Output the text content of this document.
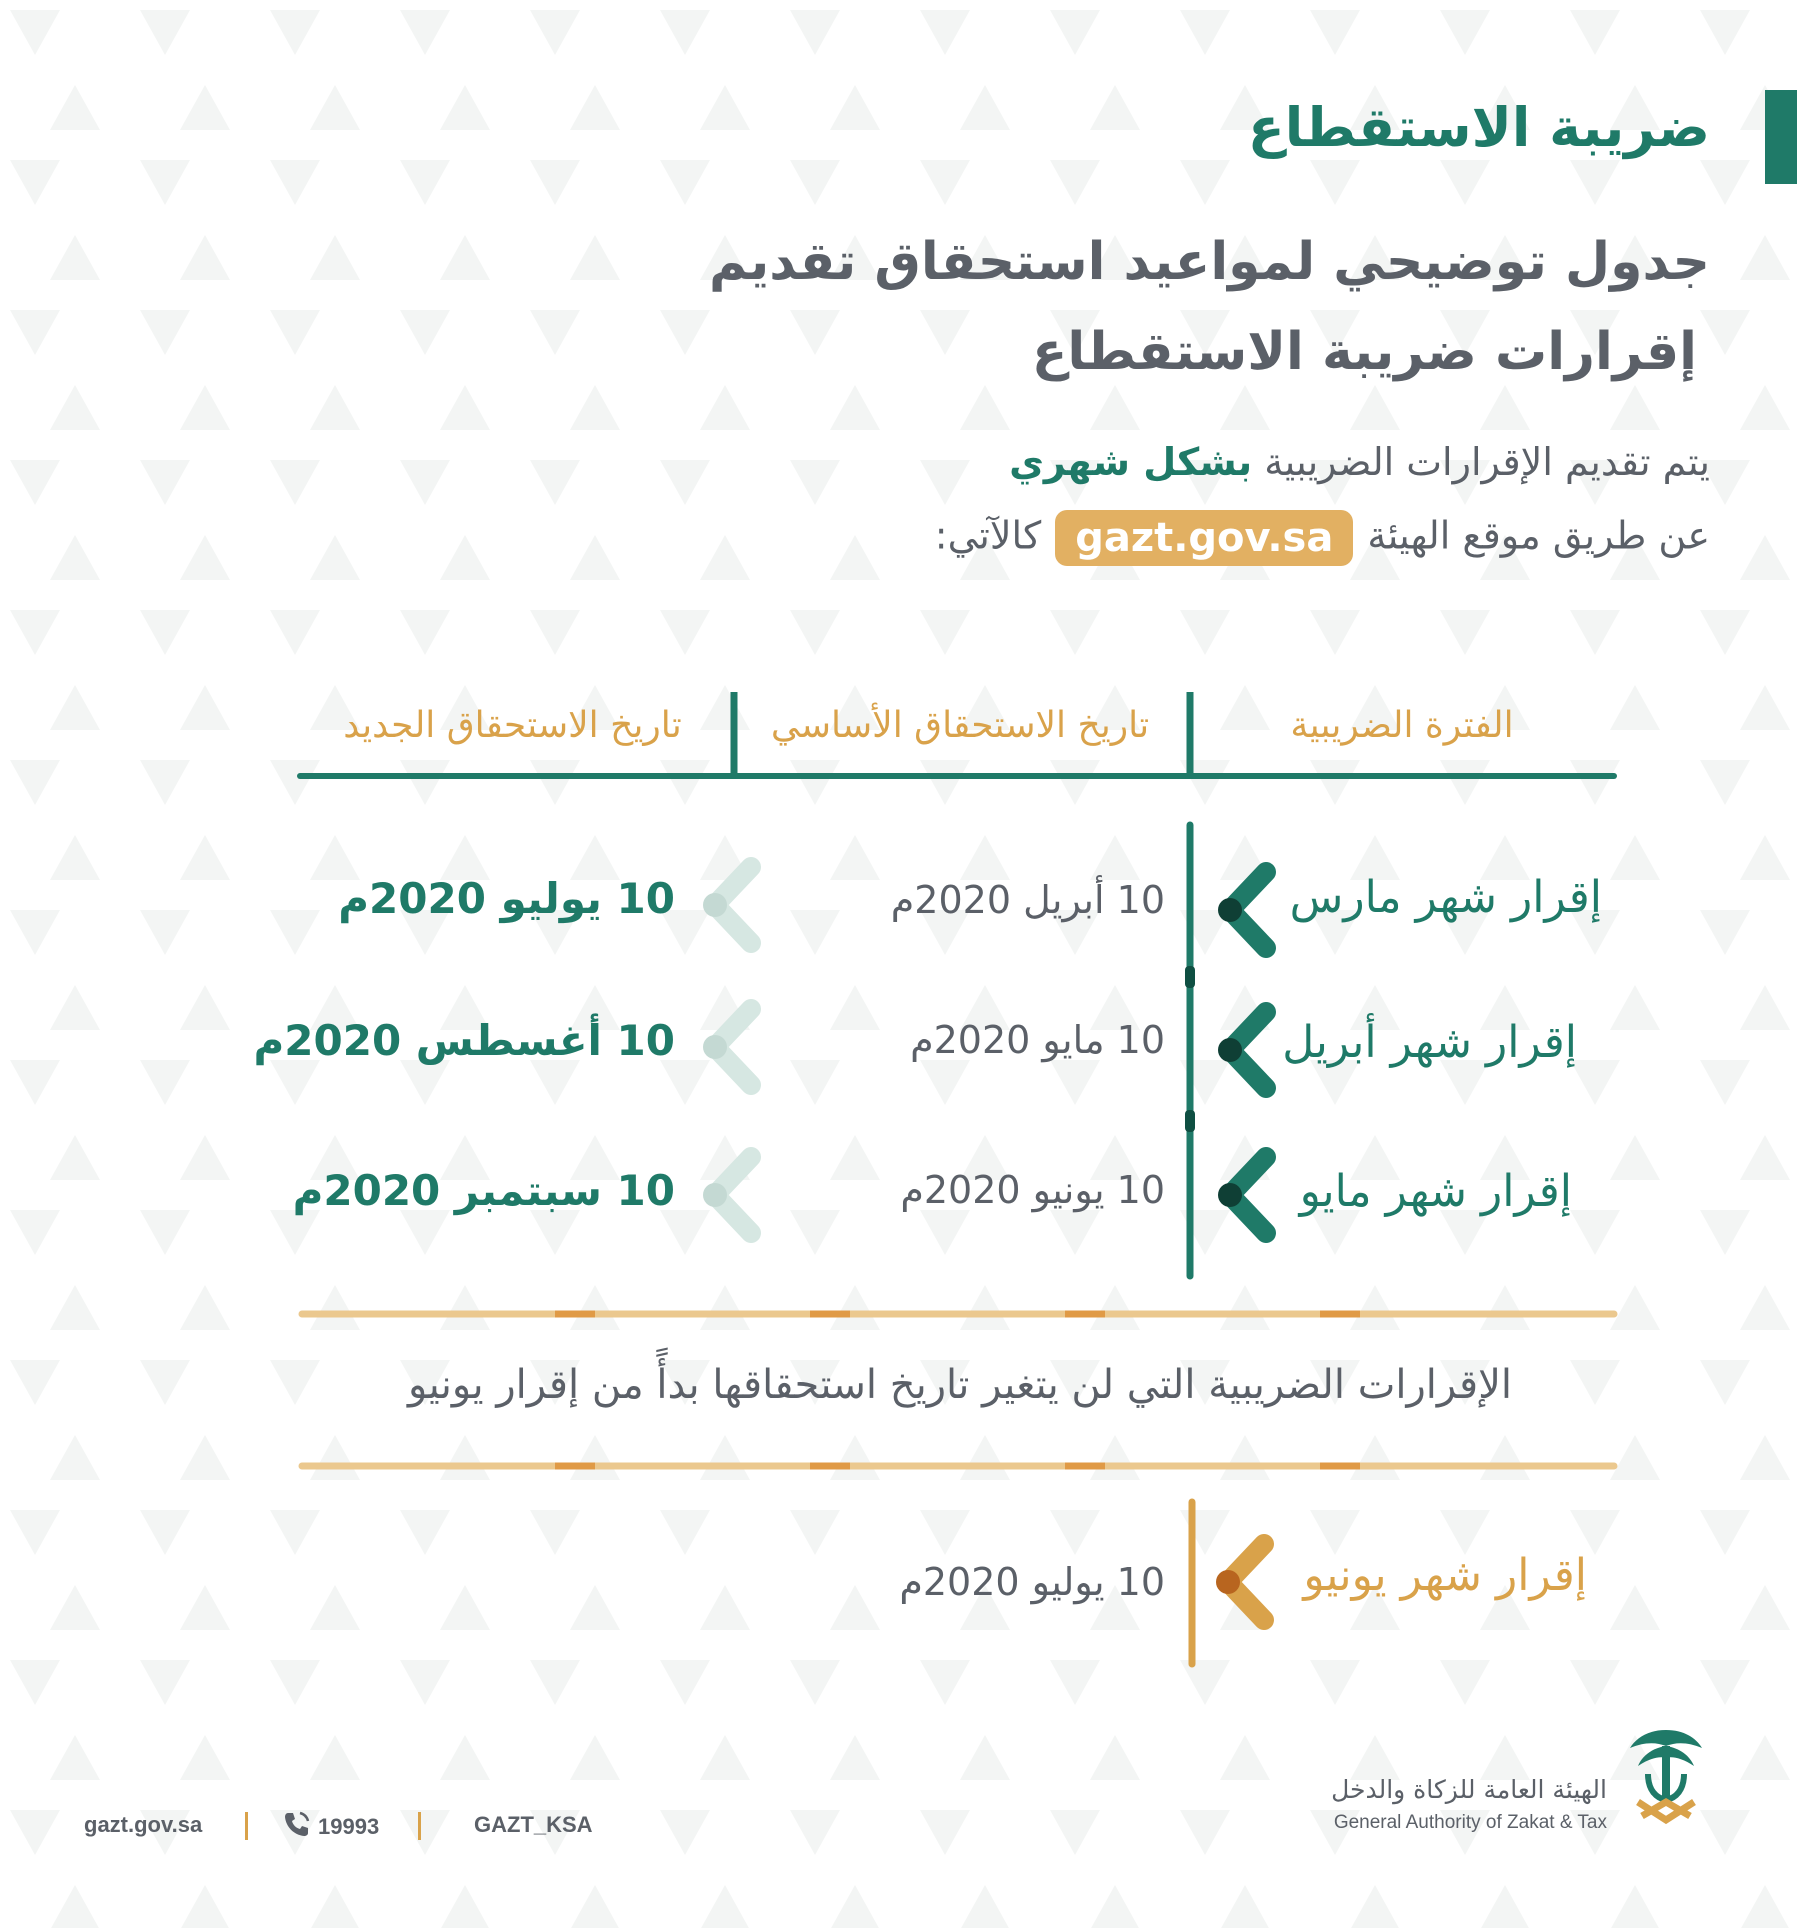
ضريبة الاستقطاع
جدول توضيحي لمواعيد استحقاق تقديم
إقرارات ضريبة الاستقطاع
يتم تقديم الإقرارات الضريبية بشكل شهري
عن طريق موقع الهيئةgazt.gov.saكالآتي:
الفترة الضريبية
تاريخ الاستحقاق الأساسي
تاريخ الاستحقاق الجديد
إقرار شهر مارس
10 أبريل 2020م
10 يوليو 2020م
إقرار شهر أبريل
10 مايو 2020م
10 أغسطس 2020م
إقرار شهر مايو
10 يونيو 2020م
10 سبتمبر 2020م
الإقرارات الضريبية التي لن يتغير تاريخ استحقاقها بدأً من إقرار يونيو
إقرار شهر يونيو
10 يوليو 2020م
الهيئة العامة للزكاة والدخل
General Authority of Zakat & Tax
gazt.gov.sa	19993	GAZT_KSA
